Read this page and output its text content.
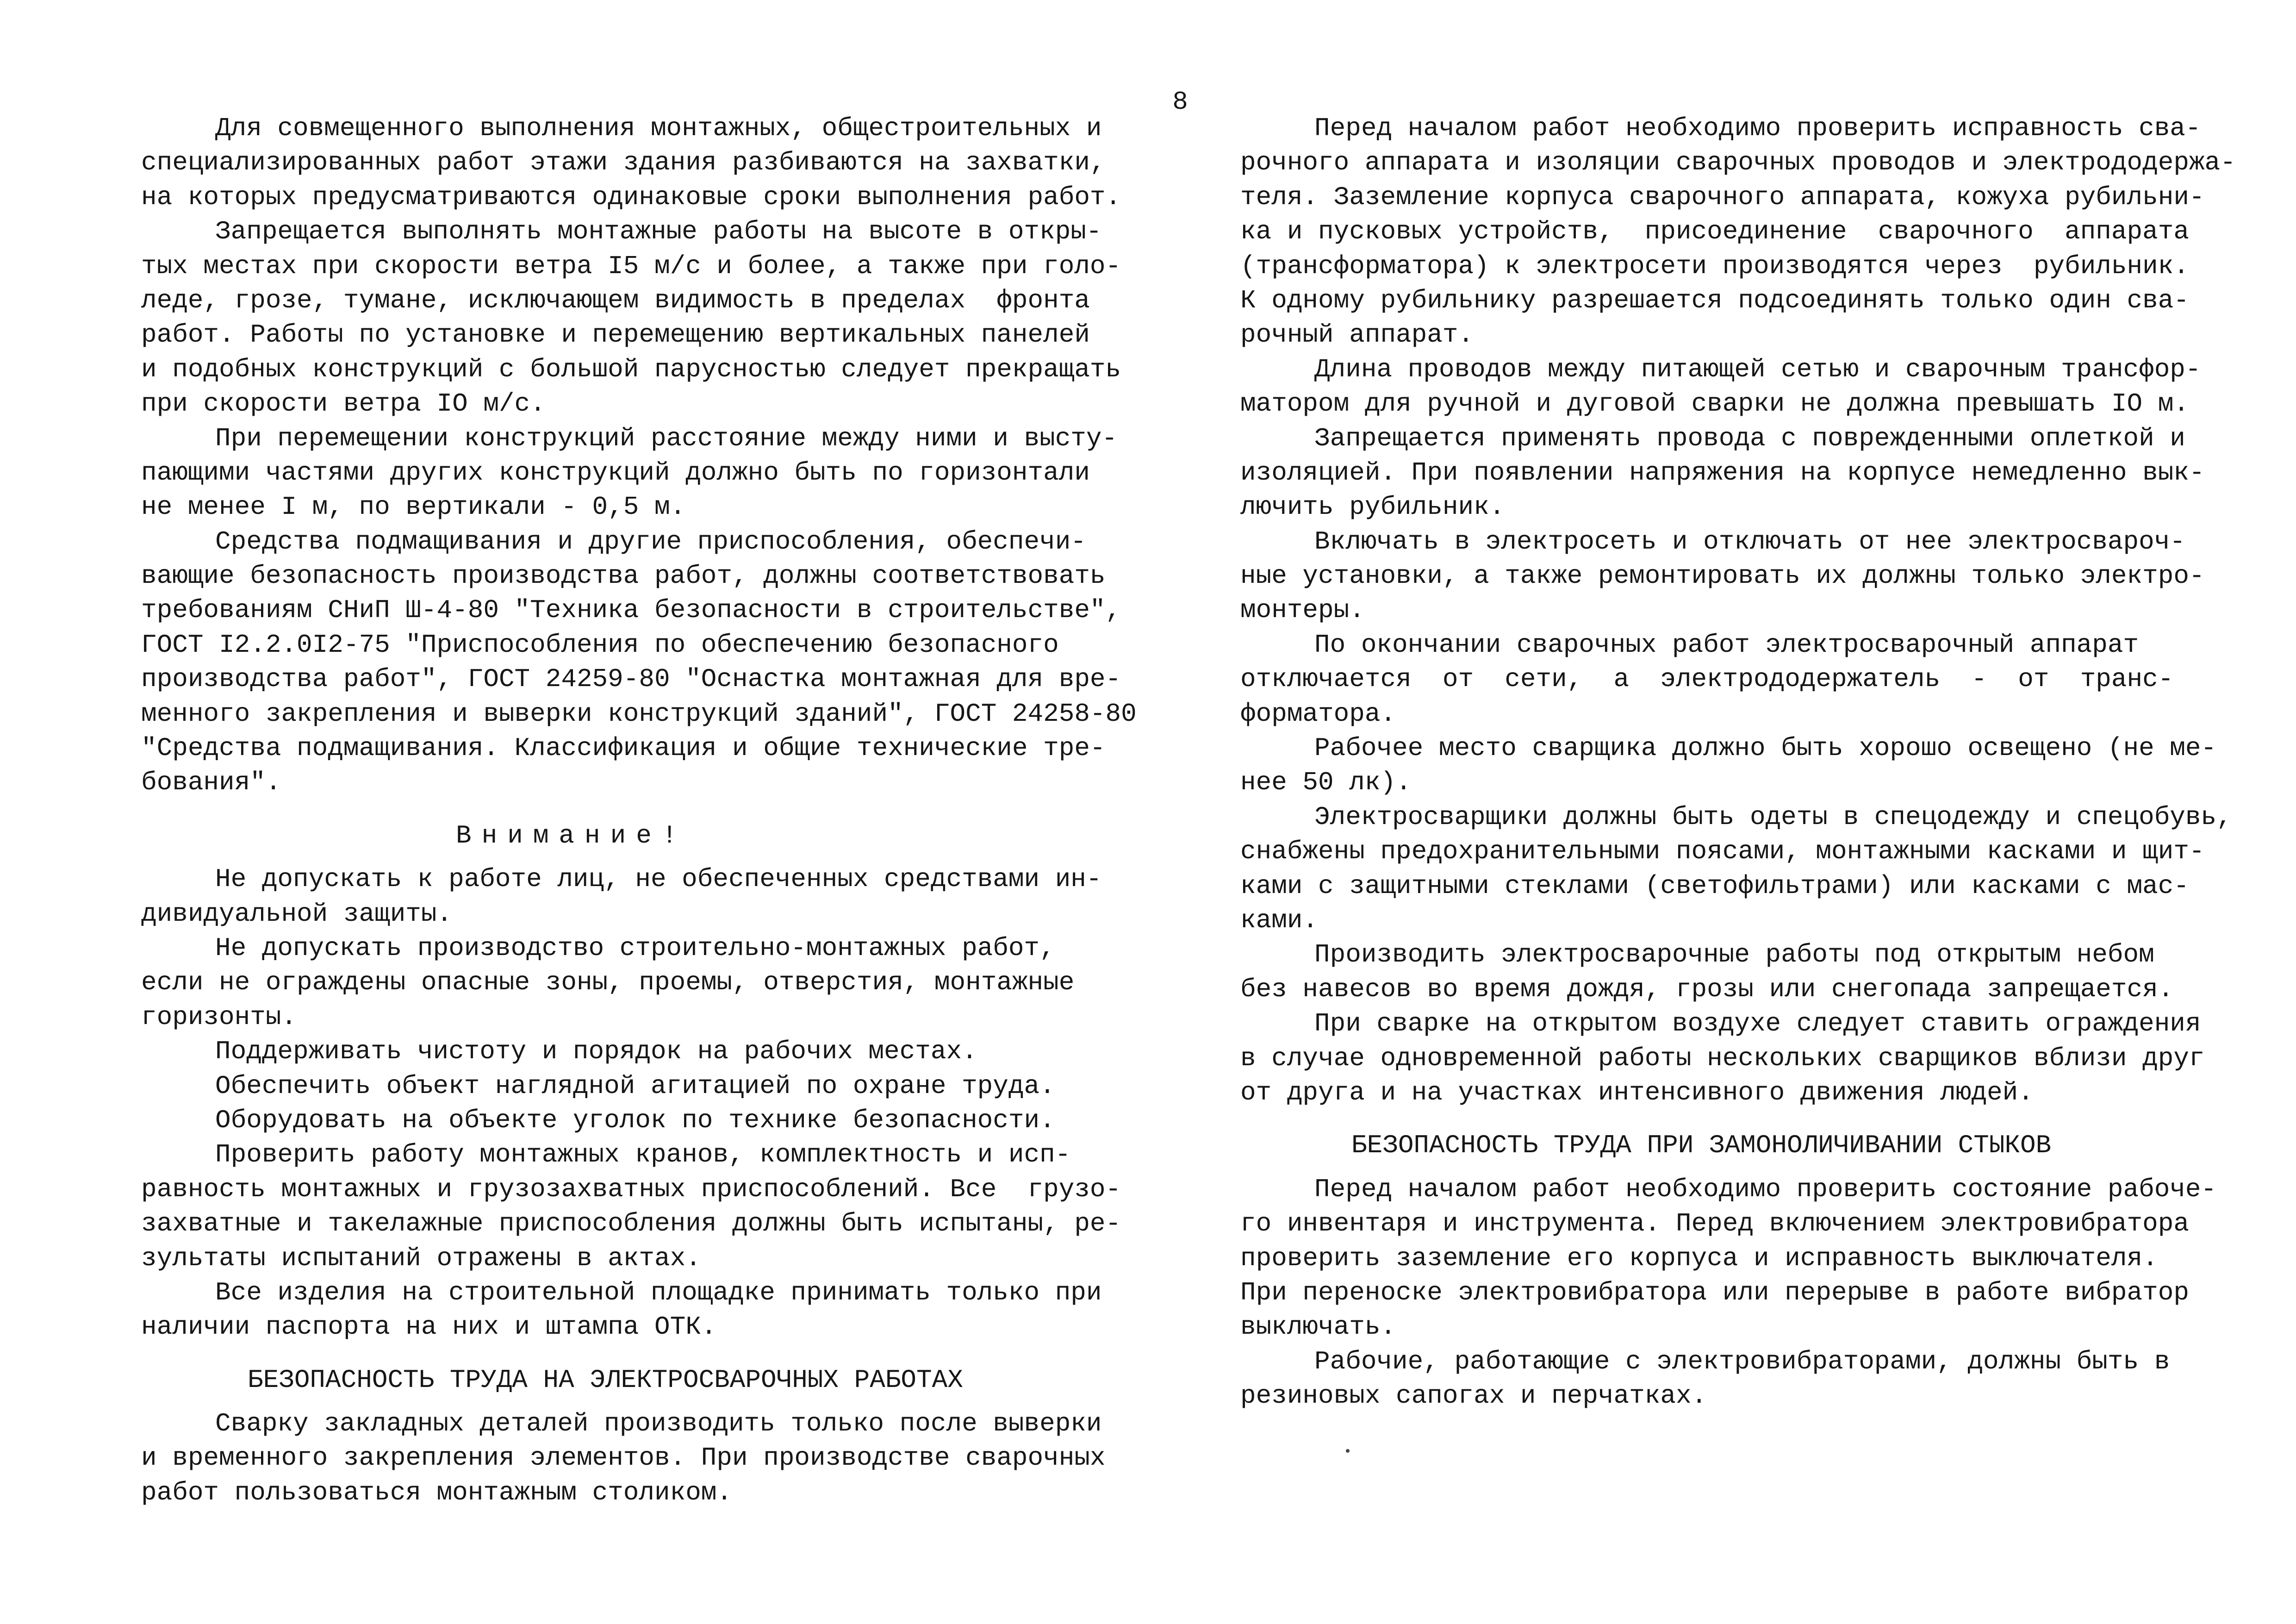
8
Для совмещенного выполнения монтажных, общестроительных и
специализированных работ этажи здания разбиваются на захватки,
на которых предусматриваются одинаковые сроки выполнения работ.
Запрещается выполнять монтажные работы на высоте в откры-
тых местах при скорости ветра I5 м/с и более, а также при голо-
леде, грозе, тумане, исключающем видимость в пределах  фронта
работ. Работы по установке и перемещению вертикальных панелей
и подобных конструкций с большой парусностью следует прекращать
при скорости ветра IO м/с.
При перемещении конструкций расстояние между ними и высту-
пающими частями других конструкций должно быть по горизонтали
не менее I м, по вертикали - 0,5 м.
Средства подмащивания и другие приспособления, обеспечи-
вающие безопасность производства работ, должны соответствовать
требованиям СНиП Ш-4-80 "Техника безопасности в строительстве",
ГОСТ I2.2.0I2-75 "Приспособления по обеспечению безопасного
производства работ", ГОСТ 24259-80 "Оснастка монтажная для вре-
менного закрепления и выверки конструкций зданий", ГОСТ 24258-80
"Средства подмащивания. Классификация и общие технические тре-
бования".
Внимание!
Не допускать к работе лиц, не обеспеченных средствами ин-
дивидуальной защиты.
Не допускать производство строительно-монтажных работ,
если не ограждены опасные зоны, проемы, отверстия, монтажные
горизонты.
Поддерживать чистоту и порядок на рабочих местах.
Обеспечить объект наглядной агитацией по охране труда.
Оборудовать на объекте уголок по технике безопасности.
Проверить работу монтажных кранов, комплектность и исп-
равность монтажных и грузозахватных приспособлений. Все  грузо-
захватные и такелажные приспособления должны быть испытаны, ре-
зультаты испытаний отражены в актах.
Все изделия на строительной площадке принимать только при
наличии паспорта на них и штампа ОТК.
БЕЗОПАСНОСТЬ ТРУДА НА ЭЛЕКТРОСВАРОЧНЫХ РАБОТАХ
Сварку закладных деталей производить только после выверки
и временного закрепления элементов. При производстве сварочных
работ пользоваться монтажным столиком.
Перед началом работ необходимо проверить исправность сва-
рочного аппарата и изоляции сварочных проводов и электрододержа-
теля. Заземление корпуса сварочного аппарата, кожуха рубильни-
ка и пусковых устройств,  присоединение  сварочного  аппарата
(трансформатора) к электросети производятся через  рубильник.
К одному рубильнику разрешается подсоединять только один сва-
рочный аппарат.
Длина проводов между питающей сетью и сварочным трансфор-
матором для ручной и дуговой сварки не должна превышать IO м.
Запрещается применять провода с поврежденными оплеткой и
изоляцией. При появлении напряжения на корпусе немедленно вык-
лючить рубильник.
Включать в электросеть и отключать от нее электросвароч-
ные установки, а также ремонтировать их должны только электро-
монтеры.
По окончании сварочных работ электросварочный аппарат
отключается  от  сети,  а  электрододержатель  -  от  транс-
форматора.
Рабочее место сварщика должно быть хорошо освещено (не ме-
нее 50 лк).
Электросварщики должны быть одеты в спецодежду и спецобувь,
снабжены предохранительными поясами, монтажными касками и щит-
ками с защитными стеклами (светофильтрами) или касками с мас-
ками.
Производить электросварочные работы под открытым небом
без навесов во время дождя, грозы или снегопада запрещается.
При сварке на открытом воздухе следует ставить ограждения
в случае одновременной работы нескольких сварщиков вблизи друг
от друга и на участках интенсивного движения людей.
БЕЗОПАСНОСТЬ ТРУДА ПРИ ЗАМОНОЛИЧИВАНИИ СТЫКОВ
Перед началом работ необходимо проверить состояние рабоче-
го инвентаря и инструмента. Перед включением электровибратора
проверить заземление его корпуса и исправность выключателя.
При переноске электровибратора или перерыве в работе вибратор
выключать.
Рабочие, работающие с электровибраторами, должны быть в
резиновых сапогах и перчатках.
